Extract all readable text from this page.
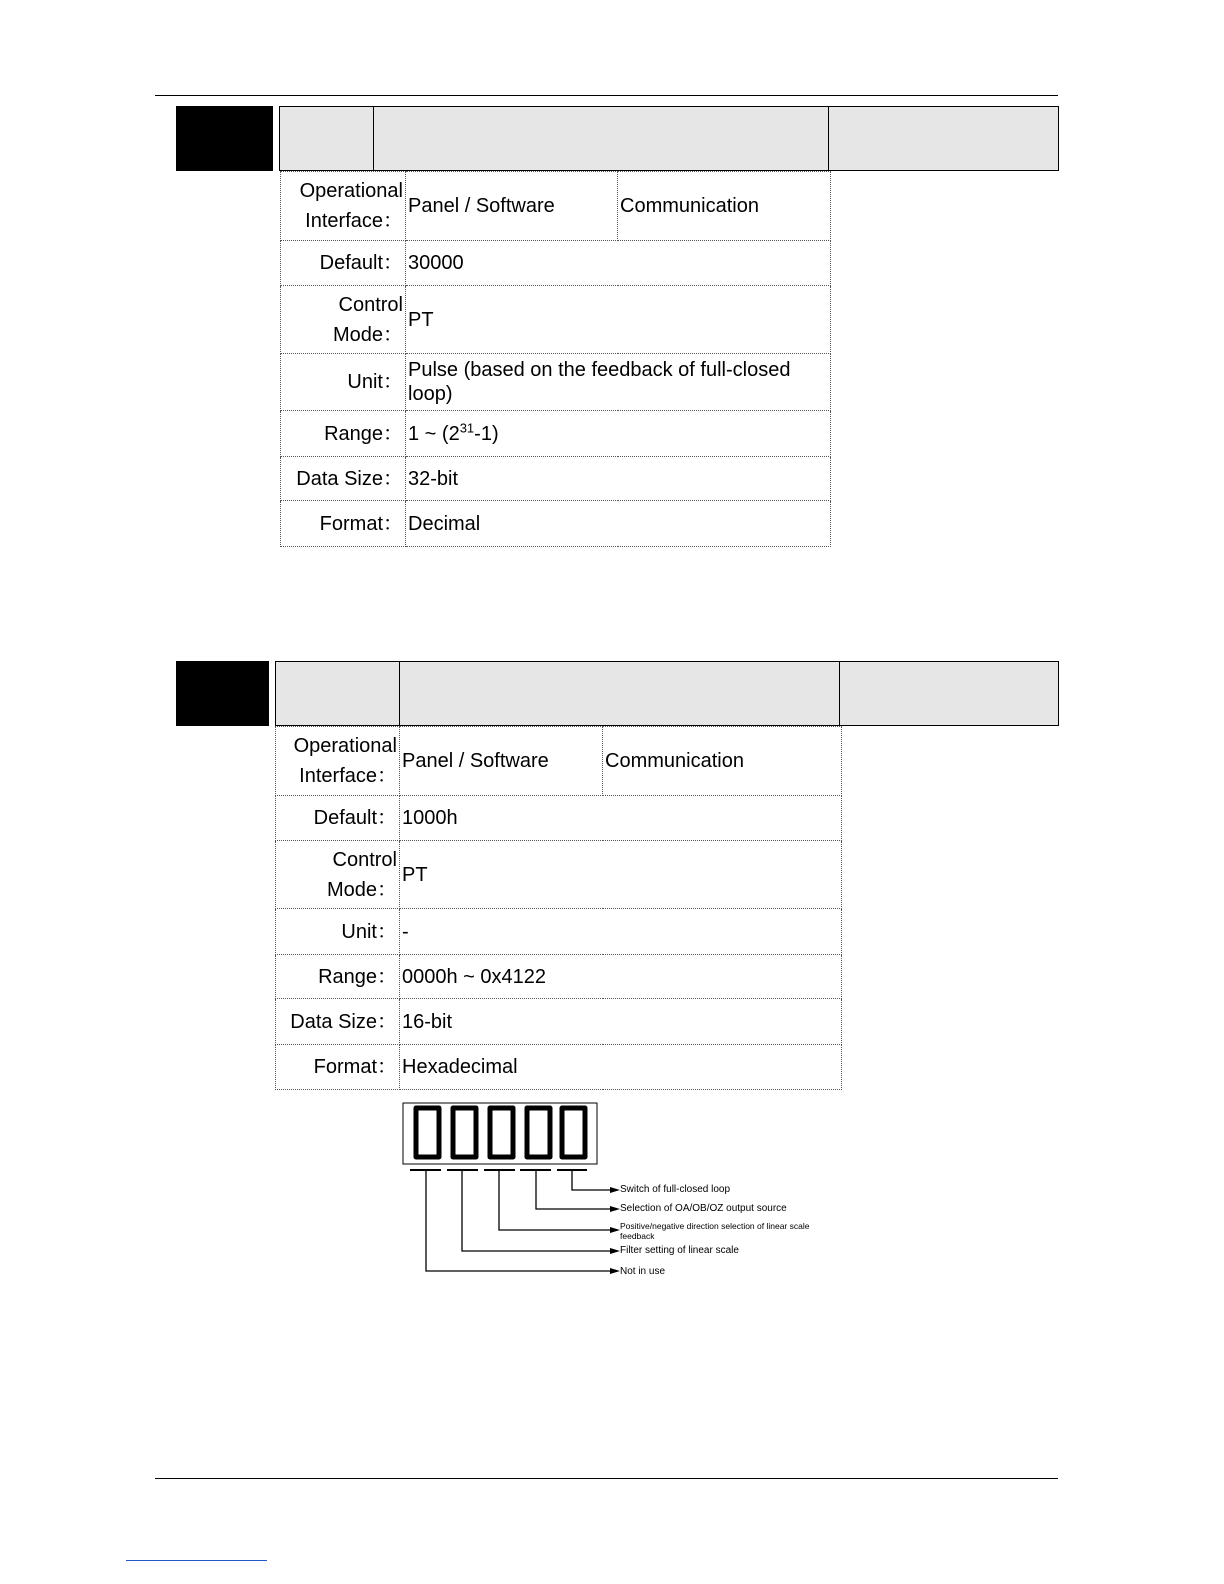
Operational Interface：	Panel / Software	Communication
Default：	30000	
Control Mode：	PT	
Unit：	Pulse (based on the feedback of full-closed loop)	
Range：	1 ~ $(2^{31}-1)$	
Data Size：	32-bit	
Format：	Decimal	
Operational Interface：	Panel / Software	Communication
Default：	1000h	
Control Mode：	PT	
Unit：	-	
Range：	0000h ~ 0x4122	
Data Size：	16-bit	
Format：	Hexadecimal	
Switch of full-closed loop
Selection of OA/OB/OZ output source
Positive/negative direction selection of linear scale feedback
Filter setting of linear scale
Not in use
